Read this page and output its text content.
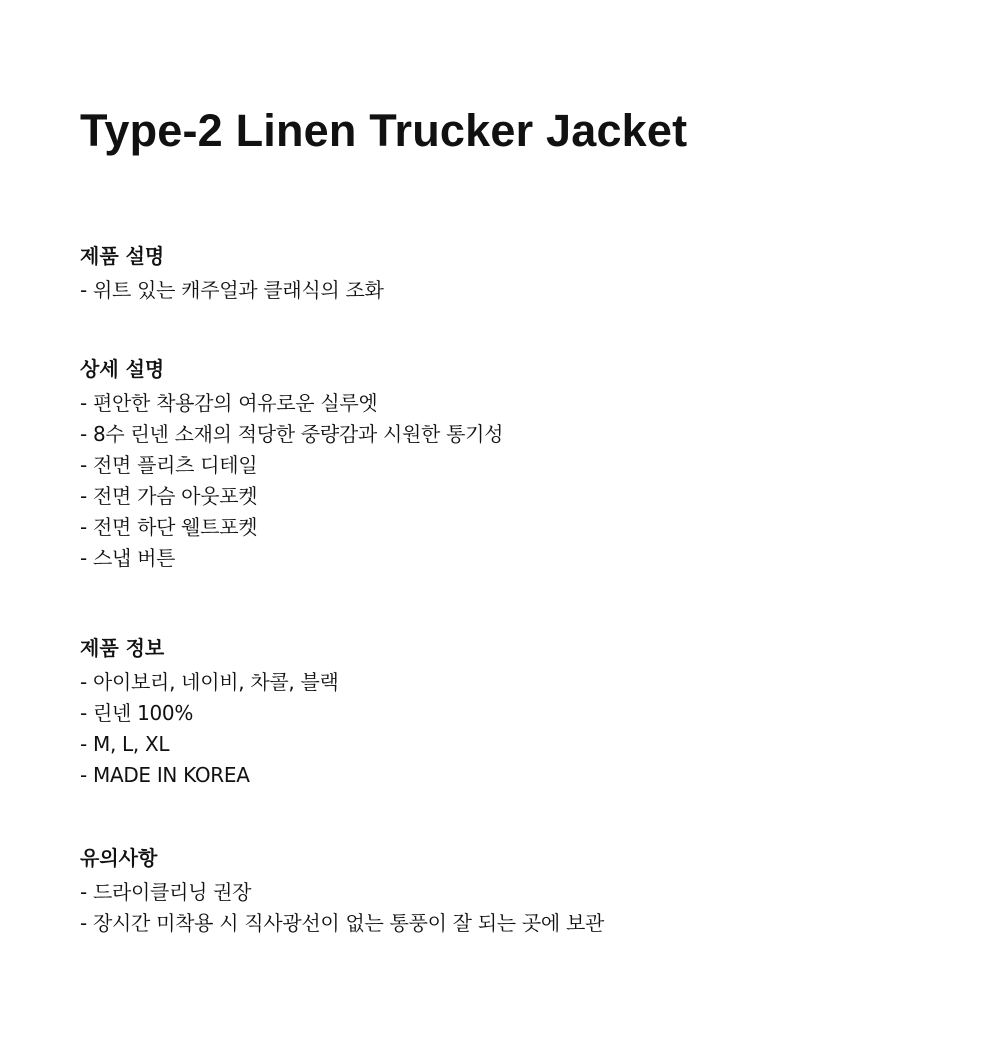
Type-2 Linen Trucker Jacket
제품 설명
- 위트 있는 캐주얼과 클래식의 조화
상세 설명
- 편안한 착용감의 여유로운 실루엣
- 8수 린넨 소재의 적당한 중량감과 시원한 통기성
- 전면 플리츠 디테일
- 전면 가슴 아웃포켓
- 전면 하단 웰트포켓
- 스냅 버튼
제품 정보
- 아이보리, 네이비, 차콜, 블랙
- 린넨 100%
- M, L, XL
- MADE IN KOREA
유의사항
- 드라이클리닝 권장
- 장시간 미착용 시 직사광선이 없는 통풍이 잘 되는 곳에 보관
